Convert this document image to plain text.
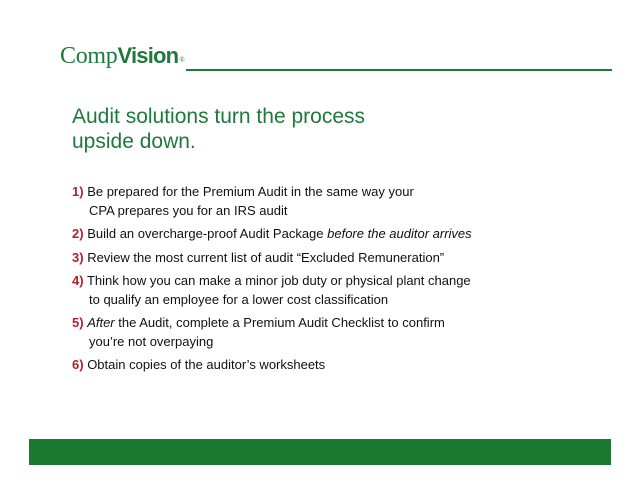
CompVision®
Audit solutions turn the process
upside down.
1) Be prepared for the Premium Audit in the same way your
CPA prepares you for an IRS audit
2) Build an overcharge-proof Audit Package before the auditor arrives
3) Review the most current list of audit “Excluded Remuneration”
4) Think how you can make a minor job duty or physical plant change
to qualify an employee for a lower cost classification
5) After the Audit, complete a Premium Audit Checklist to confirm
you’re not overpaying
6) Obtain copies of the auditor’s worksheets
